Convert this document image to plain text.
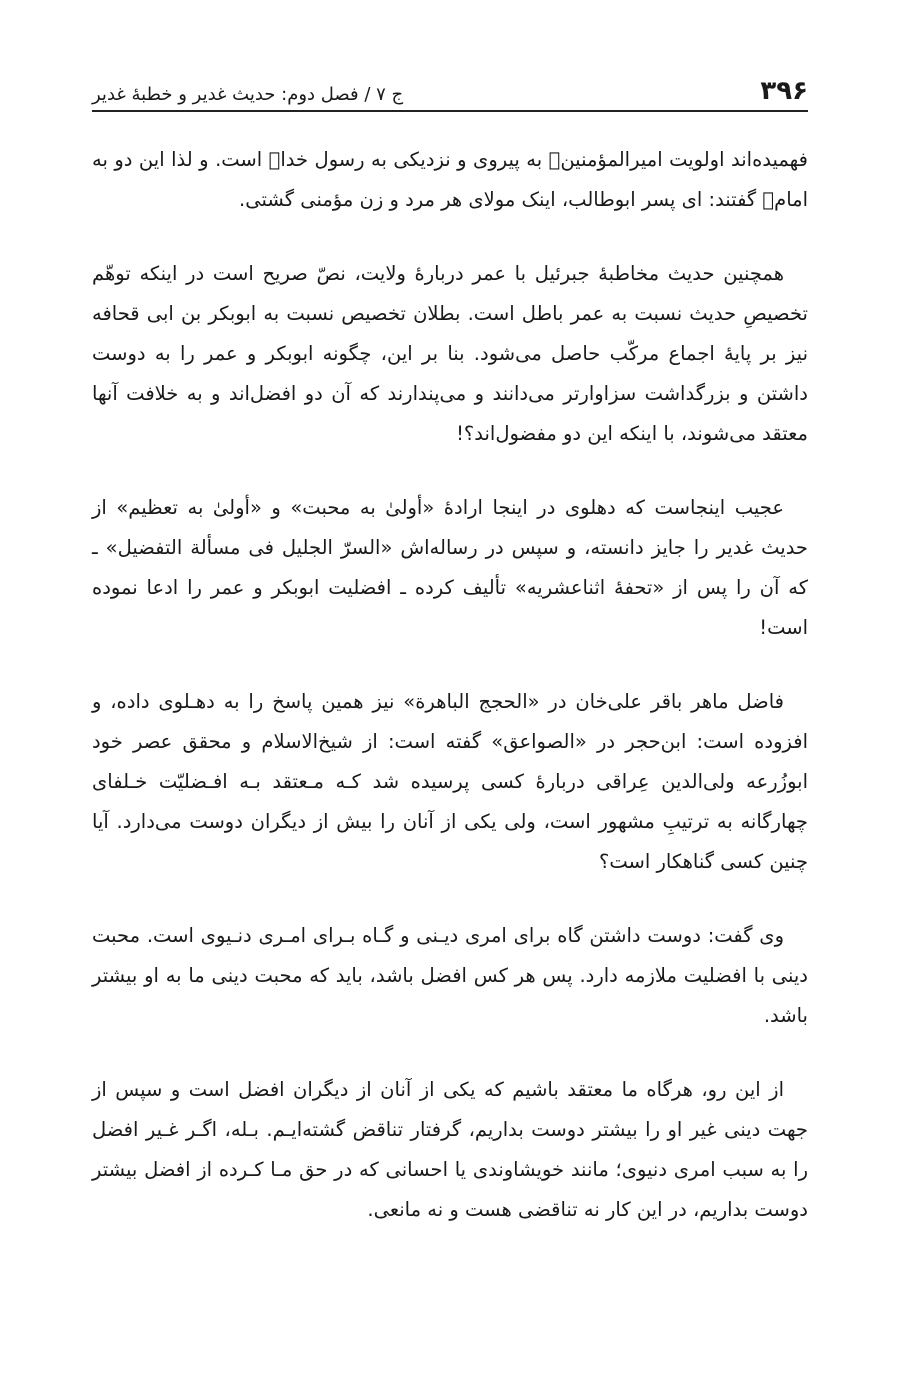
۳۹۶
ج ۷ / فصل دوم: حدیث غدیر و خطبهٔ غدیر

فهمیده‌اند اولویت امیرالمؤمنین﷣ به پیروی و نزدیکی به رسول خدا﷑ است. و لذا این دو به امام﷣ گفتند: ای پسر ابوطالب، اینک مولای هر مرد و زن مؤمنی گشتی.

همچنین حدیث مخاطبهٔ جبرئیل با عمر دربارهٔ ولایت، نصّ صریح است در اینکه توهّم تخصیصِ حدیث نسبت به عمر باطل است. بطلان تخصیص نسبت به ابوبکر بن ابی قحافه نیز بر پایهٔ اجماع مرکّب حاصل می‌شود. بنا بر این، چگونه ابوبکر و عمر را به دوست داشتن و بزرگداشت سزاوارتر می‌دانند و می‌پندارند که آن دو افضل‌اند و به خلافت آنها معتقد می‌شوند، با اینکه این دو مفضول‌اند؟!

عجیب اینجاست که دهلوی در اینجا ارادهٔ «أولیٰ به محبت» و «أولیٰ به تعظیم» از حدیث غدیر را جایز دانسته، و سپس در رساله‌اش «السرّ الجلیل فی مسألة التفضیل» ـ که آن را پس از «تحفهٔ اثناعشریه» تألیف کرده ـ افضلیت ابوبکر و عمر را ادعا نموده است!

فاضل ماهر باقر علی‌خان در «الحجج الباهرة» نیز همین پاسخ را به دهـلوی داده، و افزوده است: ابن‌حجر در «الصواعق» گفته است: از شیخ‌الاسلام و محقق عصر خود ابوزُرعه ولی‌الدین عِراقی دربارهٔ کسی پرسیده شد کـه مـعتقد بـه افـضلیّت خـلفای چهارگانه به ترتیبِ مشهور است، ولی یکی از آنان را بیش از دیگران دوست می‌دارد. آیا چنین کسی گناهکار است؟

وی گفت: دوست داشتن گاه برای امری دیـنی و گـاه بـرای امـری دنـیوی است. محبت دینی با افضلیت ملازمه دارد. پس هر کس افضل باشد، باید که محبت دینی ما به او بیشتر باشد.

از این رو، هرگاه ما معتقد باشیم که یکی از آنان از دیگران افضل است و سپس از جهت دینی غیر او را بیشتر دوست بداریم، گرفتار تناقض گشته‌ایـم. بـله، اگـر غـیر افضل را به سبب امری دنیوی؛ مانند خویشاوندی یا احسانی که در حق مـا کـرده از افضل بیشتر دوست بداریم، در این کار نه تناقضی هست و نه مانعی.
